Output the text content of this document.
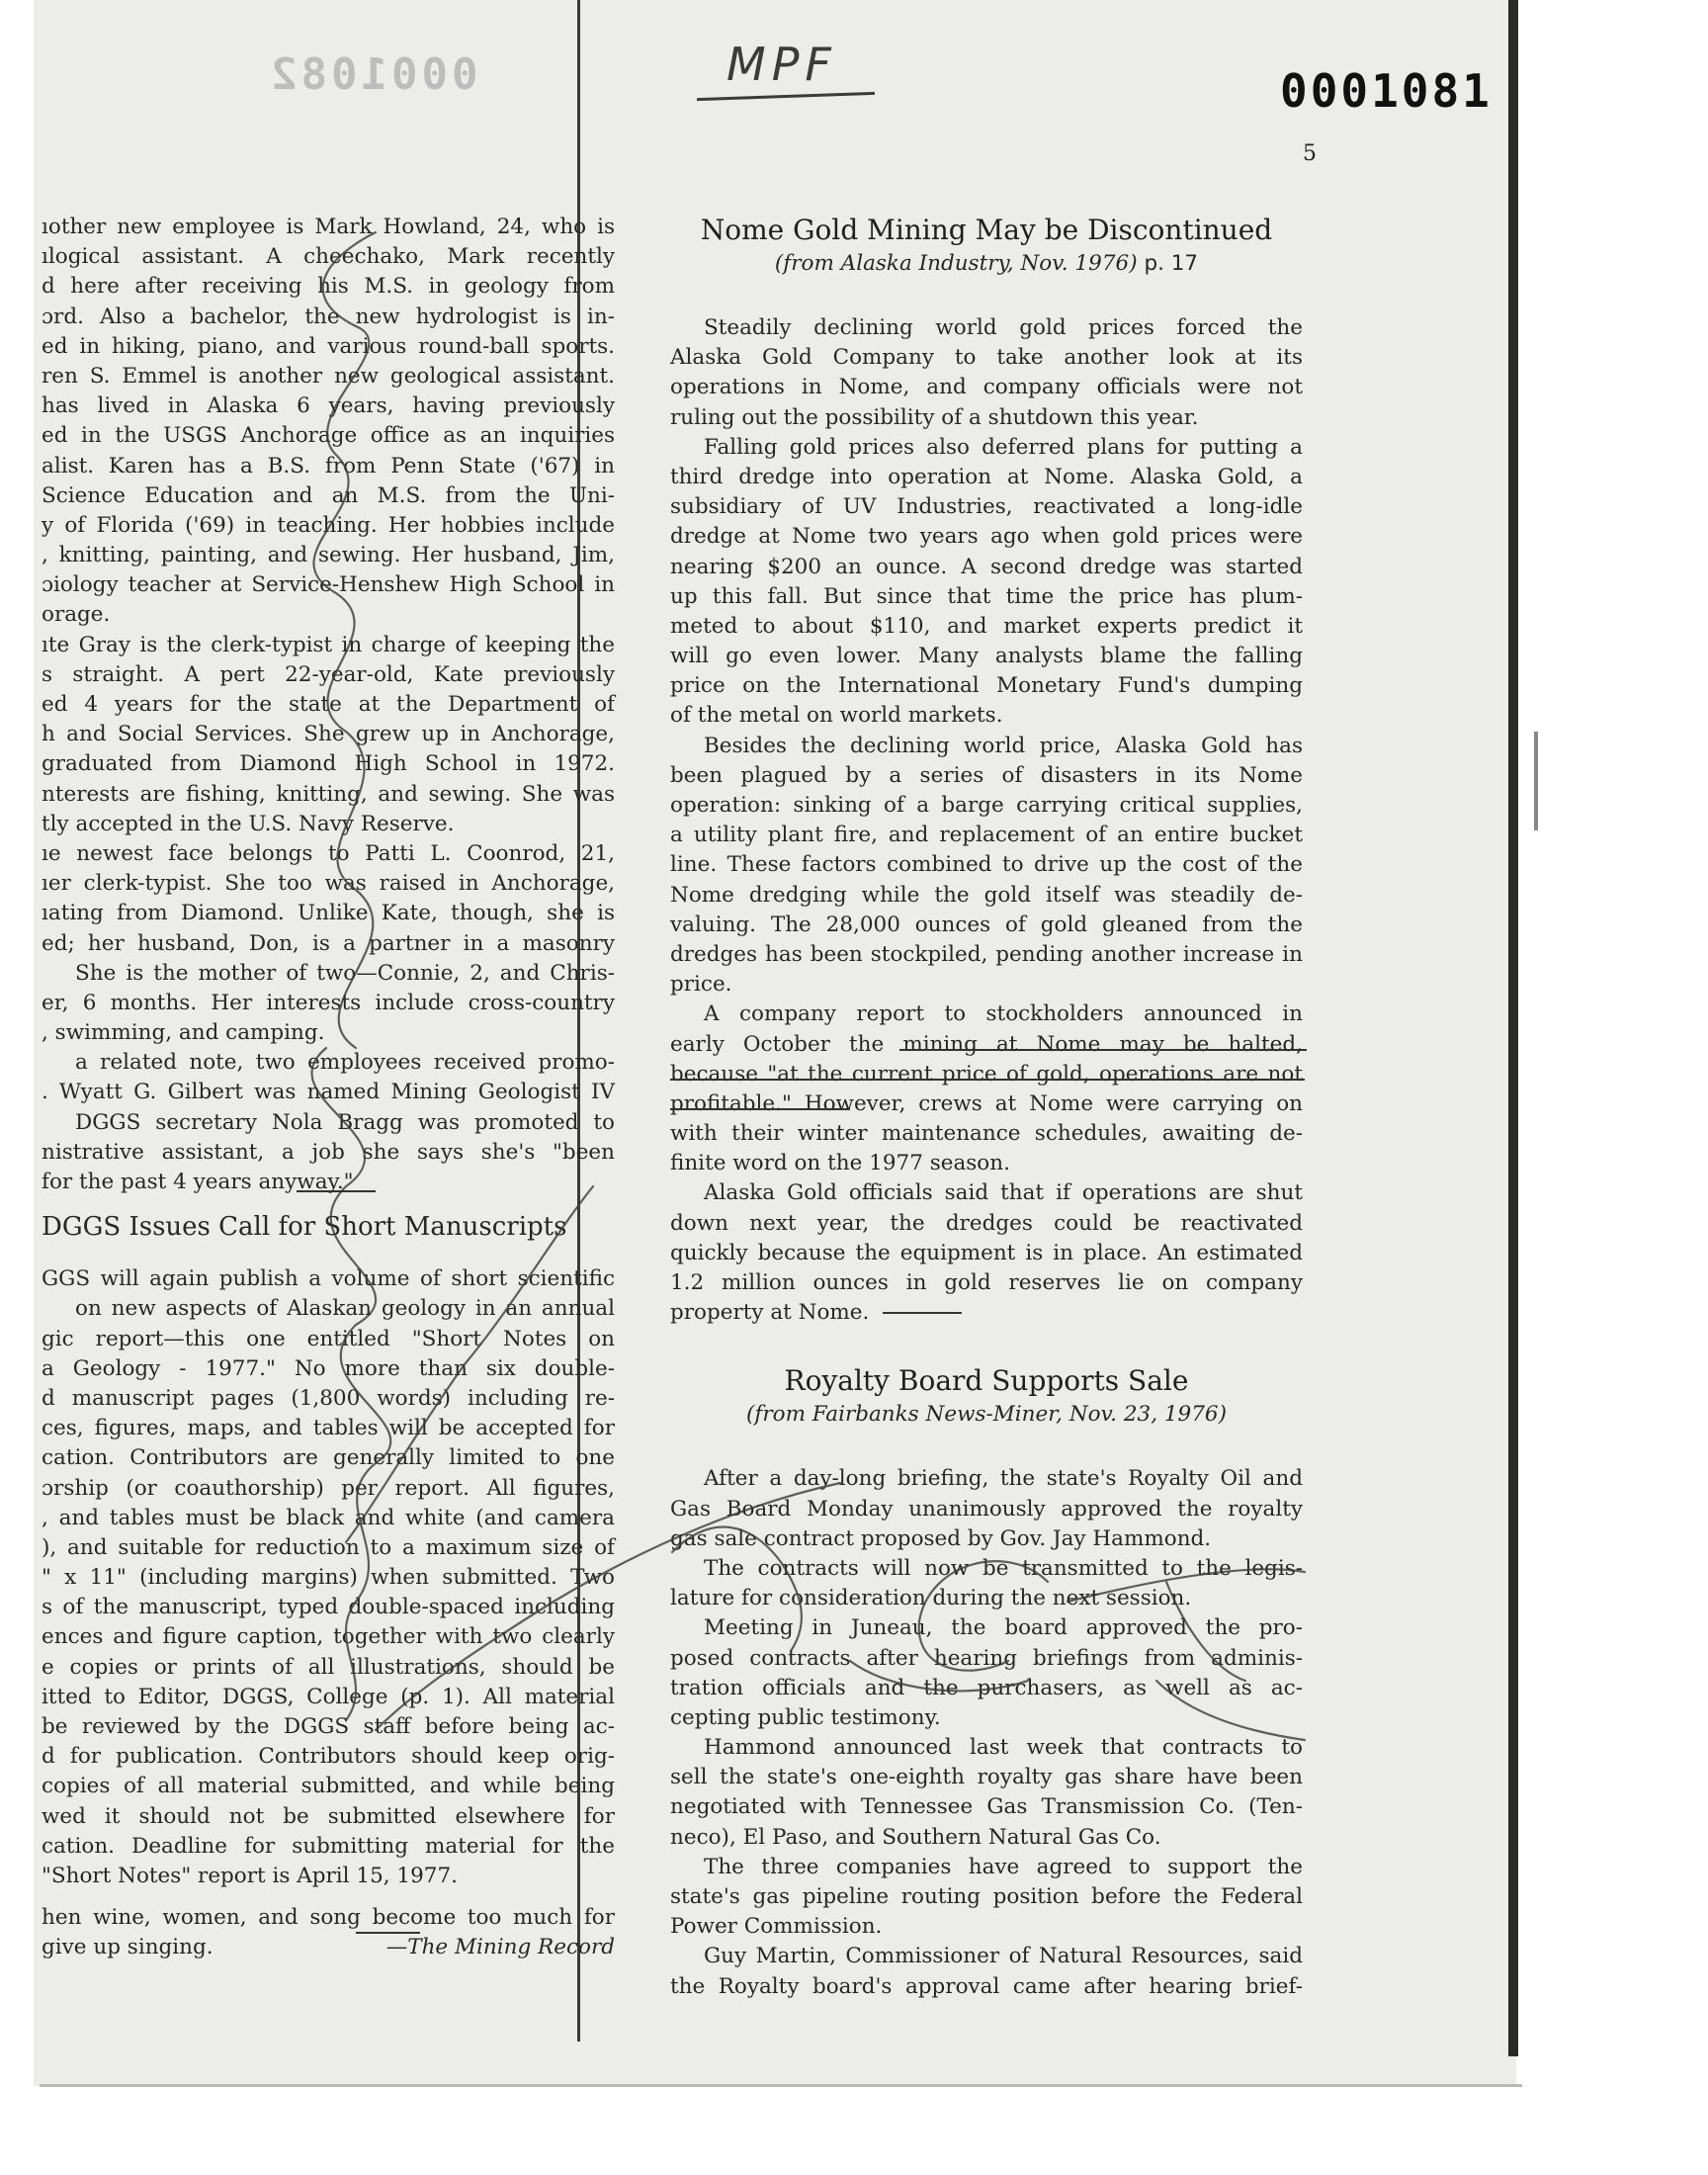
0001082	MPF	0001081
5
ıother new employee is Mark Howland, 24, who is
ılogical assistant. A cheechako, Mark recently
d here after receiving his M.S. in geology from
ɔrd. Also a bachelor, the new hydrologist is in-
ed in hiking, piano, and various round-ball sports.
ren S. Emmel is another new geological assistant.
has lived in Alaska 6 years, having previously
ed in the USGS Anchorage office as an inquiries
alist. Karen has a B.S. from Penn State ('67) in
Science Education and an M.S. from the Uni-
y of Florida ('69) in teaching. Her hobbies include
, knitting, painting, and sewing. Her husband, Jim,
ɔiology teacher at Service-Henshew High School in
orage.
ıte Gray is the clerk-typist in charge of keeping the
s straight. A pert 22-year-old, Kate previously
ed 4 years for the state at the Department of
h and Social Services. She grew up in Anchorage,
graduated from Diamond High School in 1972.
nterests are fishing, knitting, and sewing. She was
tly accepted in the U.S. Navy Reserve.
ıe newest face belongs to Patti L. Coonrod, 21,
ıer clerk-typist. She too was raised in Anchorage,
ıating from Diamond. Unlike Kate, though, she is
ed; her husband, Don, is a partner in a masonry
She is the mother of two—Connie, 2, and Chris-
er, 6 months. Her interests include cross-country
, swimming, and camping.
a related note, two employees received promo-
. Wyatt G. Gilbert was named Mining Geologist IV
DGGS secretary Nola Bragg was promoted to
nistrative assistant, a job she says she's "been
for the past 4 years anyway."
DGGS Issues Call for Short Manuscripts
GGS will again publish a volume of short scientific
on new aspects of Alaskan geology in an annual
gic report—this one entitled "Short Notes on
a Geology - 1977." No more than six double-
d manuscript pages (1,800 words) including re-
ces, figures, maps, and tables will be accepted for
cation. Contributors are generally limited to one
ɔrship (or coauthorship) per report. All figures,
, and tables must be black and white (and camera
), and suitable for reduction to a maximum size of
" x 11" (including margins) when submitted. Two
s of the manuscript, typed double-spaced including
ences and figure caption, together with two clearly
e copies or prints of all illustrations, should be
itted to Editor, DGGS, College (p. 1). All material
be reviewed by the DGGS staff before being ac-
d for publication. Contributors should keep orig-
copies of all material submitted, and while being
wed it should not be submitted elsewhere for
cation. Deadline for submitting material for the
"Short Notes" report is April 15, 1977.
hen wine, women, and song become too much for
give up singing.	—The Mining Record
Nome Gold Mining May be Discontinued
(from Alaska Industry, Nov. 1976) p. 17
Steadily declining world gold prices forced the
Alaska Gold Company to take another look at its
operations in Nome, and company officials were not
ruling out the possibility of a shutdown this year.
Falling gold prices also deferred plans for putting a
third dredge into operation at Nome. Alaska Gold, a
subsidiary of UV Industries, reactivated a long-idle
dredge at Nome two years ago when gold prices were
nearing $200 an ounce. A second dredge was started
up this fall. But since that time the price has plum-
meted to about $110, and market experts predict it
will go even lower. Many analysts blame the falling
price on the International Monetary Fund's dumping
of the metal on world markets.
Besides the declining world price, Alaska Gold has
been plagued by a series of disasters in its Nome
operation: sinking of a barge carrying critical supplies,
a utility plant fire, and replacement of an entire bucket
line. These factors combined to drive up the cost of the
Nome dredging while the gold itself was steadily de-
valuing. The 28,000 ounces of gold gleaned from the
dredges has been stockpiled, pending another increase in
price.
A company report to stockholders announced in
early October the mining at Nome may be halted,
because "at the current price of gold, operations are not
profitable." However, crews at Nome were carrying on
with their winter maintenance schedules, awaiting de-
finite word on the 1977 season.
Alaska Gold officials said that if operations are shut
down next year, the dredges could be reactivated
quickly because the equipment is in place. An estimated
1.2 million ounces in gold reserves lie on company
property at Nome.
Royalty Board Supports Sale
(from Fairbanks News-Miner, Nov. 23, 1976)
After a day-long briefing, the state's Royalty Oil and
Gas Board Monday unanimously approved the royalty
gas sale contract proposed by Gov. Jay Hammond.
The contracts will now be transmitted to the legis-
lature for consideration during the next session.
Meeting in Juneau, the board approved the pro-
posed contracts after hearing briefings from adminis-
tration officials and the purchasers, as well as ac-
cepting public testimony.
Hammond announced last week that contracts to
sell the state's one-eighth royalty gas share have been
negotiated with Tennessee Gas Transmission Co. (Ten-
neco), El Paso, and Southern Natural Gas Co.
The three companies have agreed to support the
state's gas pipeline routing position before the Federal
Power Commission.
Guy Martin, Commissioner of Natural Resources, said
the Royalty board's approval came after hearing brief-
